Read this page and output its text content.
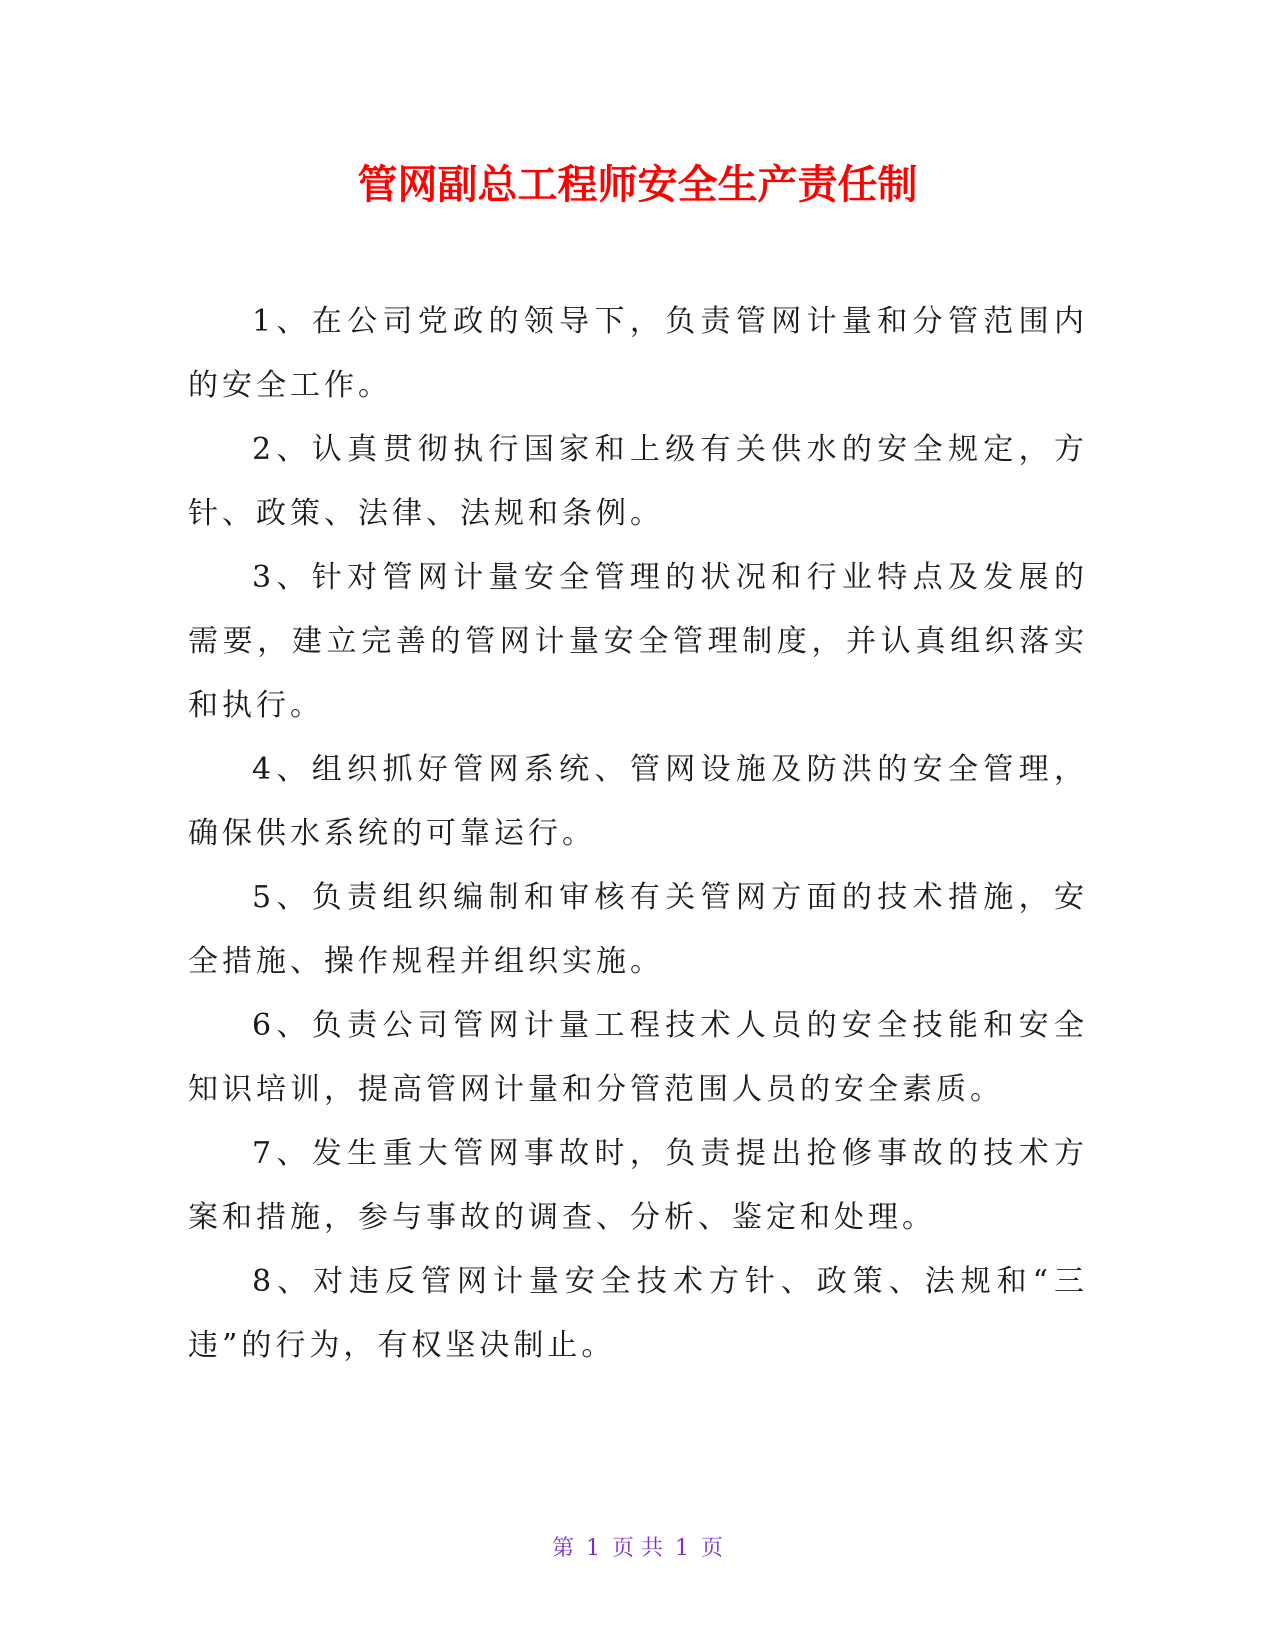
管网副总工程师安全生产责任制

1、在公司党政的领导下，负责管网计量和分管范围内的安全工作。

2、认真贯彻执行国家和上级有关供水的安全规定，方针、政策、法律、法规和条例。

3、针对管网计量安全管理的状况和行业特点及发展的需要，建立完善的管网计量安全管理制度，并认真组织落实和执行。

4、组织抓好管网系统、管网设施及防洪的安全管理，确保供水系统的可靠运行。

5、负责组织编制和审核有关管网方面的技术措施，安全措施、操作规程并组织实施。

6、负责公司管网计量工程技术人员的安全技能和安全知识培训，提高管网计量和分管范围人员的安全素质。

7、发生重大管网事故时，负责提出抢修事故的技术方案和措施，参与事故的调查、分析、鉴定和处理。

8、对违反管网计量安全技术方针、政策、法规和“三违”的行为，有权坚决制止。

第 1 页 共 1 页
